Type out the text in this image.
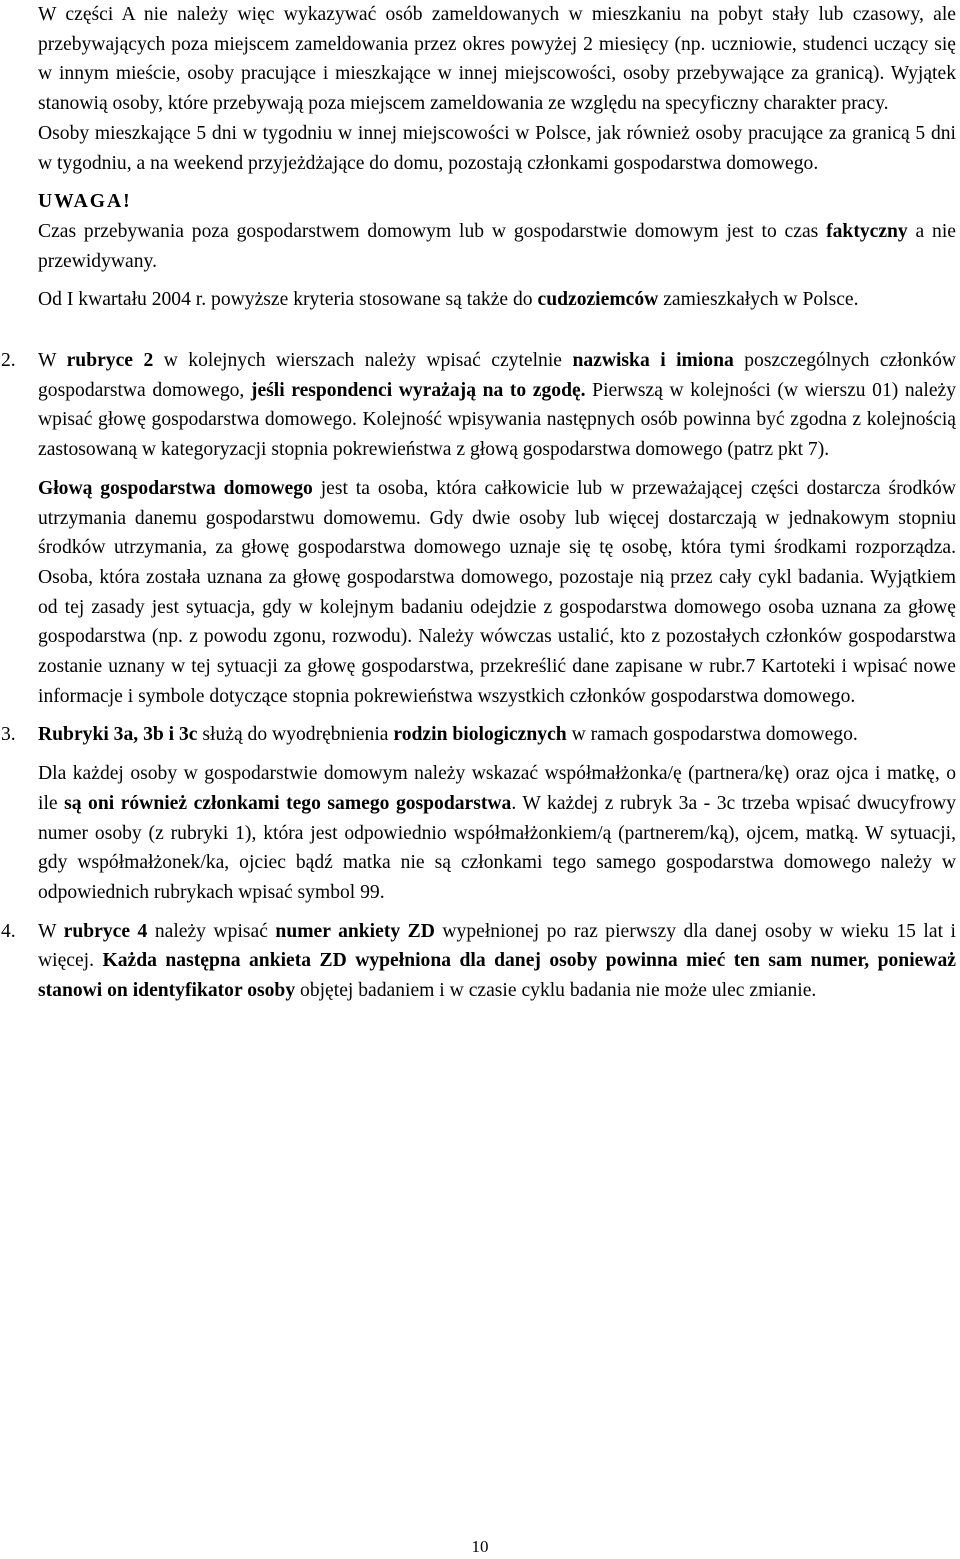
W części A nie należy więc wykazywać osób zameldowanych w mieszkaniu na pobyt stały lub czasowy, ale przebywających poza miejscem zameldowania przez okres powyżej 2 miesięcy (np. uczniowie, studenci uczący się w innym mieście, osoby pracujące i mieszkające w innej miejscowości, osoby przebywające za granicą). Wyjątek stanowią osoby, które przebywają poza miejscem zameldowania ze względu na specyficzny charakter pracy.

Osoby mieszkające 5 dni w tygodniu w innej miejscowości w Polsce, jak również osoby pracujące za granicą 5 dni w tygodniu, a na weekend przyjeżdżające do domu, pozostają członkami gospodarstwa domowego.

UWAGA!

Czas przebywania poza gospodarstwem domowym lub w gospodarstwie domowym jest to czas faktyczny a nie przewidywany.

Od I kwartału 2004 r. powyższe kryteria stosowane są także do cudzoziemców zamieszkałych w Polsce.

2. W rubryce 2 w kolejnych wierszach należy wpisać czytelnie nazwiska i imiona poszczególnych członków gospodarstwa domowego, jeśli respondenci wyrażają na to zgodę. Pierwszą w kolejności (w wierszu 01) należy wpisać głowę gospodarstwa domowego. Kolejność wpisywania następnych osób powinna być zgodna z kolejnością zastosowaną w kategoryzacji stopnia pokrewieństwa z głową gospodarstwa domowego (patrz pkt 7).

Głową gospodarstwa domowego jest ta osoba, która całkowicie lub w przeważającej części dostarcza środków utrzymania danemu gospodarstwu domowemu. Gdy dwie osoby lub więcej dostarczają w jednakowym stopniu środków utrzymania, za głowę gospodarstwa domowego uznaje się tę osobę, która tymi środkami rozporządza. Osoba, która została uznana za głowę gospodarstwa domowego, pozostaje nią przez cały cykl badania. Wyjątkiem od tej zasady jest sytuacja, gdy w kolejnym badaniu odejdzie z gospodarstwa domowego osoba uznana za głowę gospodarstwa (np. z powodu zgonu, rozwodu). Należy wówczas ustalić, kto z pozostałych członków gospodarstwa zostanie uznany w tej sytuacji za głowę gospodarstwa, przekreślić dane zapisane w rubr.7 Kartoteki i wpisać nowe informacje i symbole dotyczące stopnia pokrewieństwa wszystkich członków gospodarstwa domowego.

3. Rubryki 3a, 3b i 3c służą do wyodrębnienia rodzin biologicznych w ramach gospodarstwa domowego.

Dla każdej osoby w gospodarstwie domowym należy wskazać współmałżonka/ę (partnera/kę) oraz ojca i matkę, o ile są oni również członkami tego samego gospodarstwa. W każdej z rubryk 3a - 3c trzeba wpisać dwucyfrowy numer osoby (z rubryki 1), która jest odpowiednio współmałżonkiem/ą (partnerem/ką), ojcem, matką. W sytuacji, gdy współmałżonek/ka, ojciec bądź matka nie są członkami tego samego gospodarstwa domowego należy w odpowiednich rubrykach wpisać symbol 99.

4. W rubryce 4 należy wpisać numer ankiety ZD wypełnionej po raz pierwszy dla danej osoby w wieku 15 lat i więcej. Każda następna ankieta ZD wypełniona dla danej osoby powinna mieć ten sam numer, ponieważ stanowi on identyfikator osoby objętej badaniem i w czasie cyklu badania nie może ulec zmianie.

10
